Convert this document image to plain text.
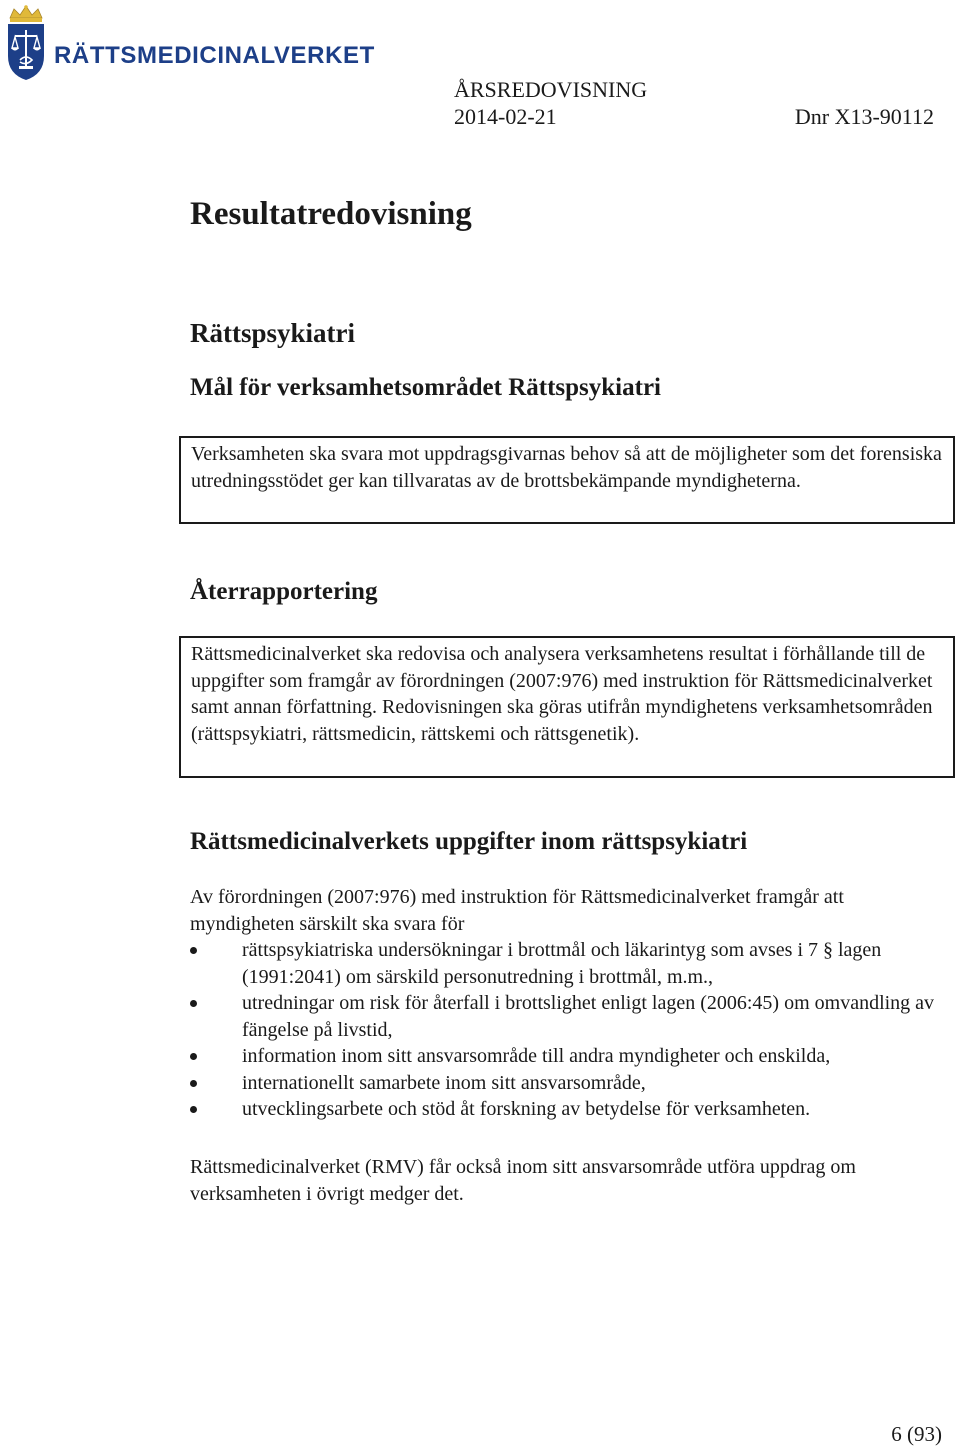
RÄTTSMEDICINALVERKET
ÅRSREDOVISNING
2014-02-21	Dnr X13-90112
Resultatredovisning
Rättspsykiatri
Mål för verksamhetsområdet Rättspsykiatri
Verksamheten ska svara mot uppdragsgivarnas behov så att de möjligheter som det forensiska utredningsstödet ger kan tillvaratas av de brottsbekämpande myndigheterna.
Återrapportering
Rättsmedicinalverket ska redovisa och analysera verksamhetens resultat i förhållande till de uppgifter som framgår av förordningen (2007:976) med instruktion för Rättsmedicinalverket samt annan författning. Redovisningen ska göras utifrån myndighetens verksamhetsområden (rättspsykiatri, rättsmedicin, rättskemi och rättsgenetik).
Rättsmedicinalverkets uppgifter inom rättspsykiatri
Av förordningen (2007:976) med instruktion för Rättsmedicinalverket framgår att myndigheten särskilt ska svara för
rättspsykiatriska undersökningar i brottmål och läkarintyg som avses i 7 § lagen (1991:2041) om särskild personutredning i brottmål, m.m.,
utredningar om risk för återfall i brottslighet enligt lagen (2006:45) om omvandling av fängelse på livstid,
information inom sitt ansvarsområde till andra myndigheter och enskilda,
internationellt samarbete inom sitt ansvarsområde,
utvecklingsarbete och stöd åt forskning av betydelse för verksamheten.
Rättsmedicinalverket (RMV) får också inom sitt ansvarsområde utföra uppdrag om verksamheten i övrigt medger det.
6 (93)
